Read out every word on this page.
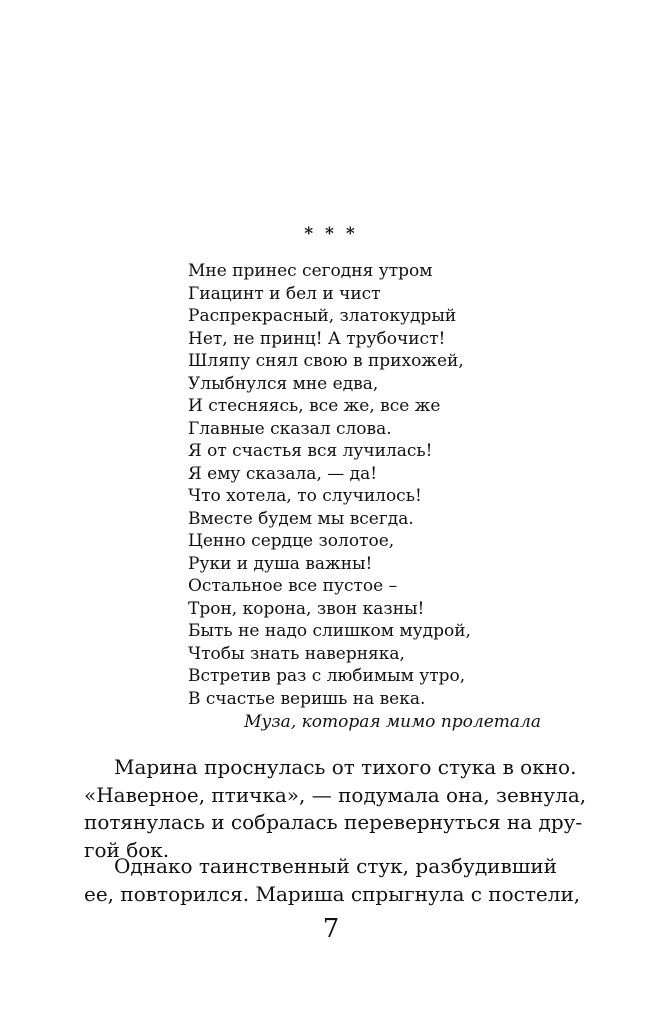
* * *
Мне принес сегодня утром
Гиацинт и бел и чист
Распрекрасный, златокудрый
Нет, не принц! А трубочист!
Шляпу снял свою в прихожей,
Улыбнулся мне едва,
И стесняясь, все же, все же
Главные сказал слова.
Я от счастья вся лучилась!
Я ему сказала, — да!
Что хотела, то случилось!
Вместе будем мы всегда.
Ценно сердце золотое,
Руки и душа важны!
Остальное все пустое –
Трон, корона, звон казны!
Быть не надо слишком мудрой,
Чтобы знать наверняка,
Встретив раз с любимым утро,
В счастье веришь на века.
Муза, которая мимо пролетала
Марина проснулась от тихого стука в окно.
«Наверное, птичка», — подумала она, зевнула,
потянулась и собралась перевернуться на дру-
гой бок.
Однако таинственный стук, разбудивший
ее, повторился. Мариша спрыгнула с постели,
7
